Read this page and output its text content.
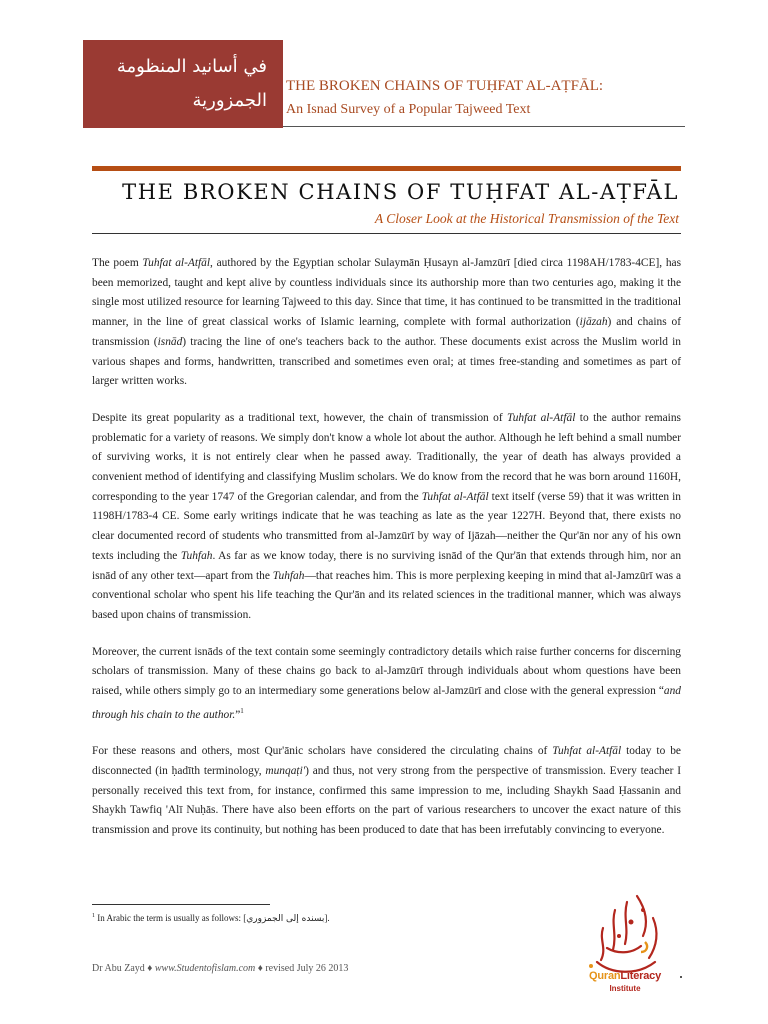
في أسانيد المنظومة
الجمزورية
THE BROKEN CHAINS OF TUḤFAT AL-AṬFĀL:
An Isnad Survey of a Popular Tajweed Text
THE BROKEN CHAINS OF TUḤFAT AL-AṬFĀL
A Closer Look at the Historical Transmission of the Text

The poem Tuhfat al-Atfāl, authored by the Egyptian scholar Sulaymān Ḥusayn al-Jamzūrī [died circa 1198AH/1783-4CE], has been memorized, taught and kept alive by countless individuals since its authorship more than two centuries ago, making it the single most utilized resource for learning Tajweed to this day. Since that time, it has continued to be transmitted in the traditional manner, in the line of great classical works of Islamic learning, complete with formal authorization (ijāzah) and chains of transmission (isnād) tracing the line of one's teachers back to the author. These documents exist across the Muslim world in various shapes and forms, handwritten, transcribed and sometimes even oral; at times free-standing and sometimes as part of larger written works.

Despite its great popularity as a traditional text, however, the chain of transmission of Tuhfat al-Atfāl to the author remains problematic for a variety of reasons. We simply don't know a whole lot about the author. Although he left behind a small number of surviving works, it is not entirely clear when he passed away. Traditionally, the year of death has always provided a convenient method of identifying and classifying Muslim scholars. We do know from the record that he was born around 1160H, corresponding to the year 1747 of the Gregorian calendar, and from the Tuhfat al-Atfāl text itself (verse 59) that it was written in 1198H/1783-4 CE. Some early writings indicate that he was teaching as late as the year 1227H. Beyond that, there exists no clear documented record of students who transmitted from al-Jamzūrī by way of Ijāzah—neither the Qur'ān nor any of his own texts including the Tuhfah. As far as we know today, there is no surviving isnād of the Qur'ān that extends through him, nor an isnād of any other text—apart from the Tuhfah—that reaches him. This is more perplexing keeping in mind that al-Jamzūrī was a conventional scholar who spent his life teaching the Qur'ān and its related sciences in the traditional manner, which was always based upon chains of transmission.

Moreover, the current isnāds of the text contain some seemingly contradictory details which raise further concerns for discerning scholars of transmission. Many of these chains go back to al-Jamzūrī through individuals about whom questions have been raised, while others simply go to an intermediary some generations below al-Jamzūrī and close with the general expression “and through his chain to the author.”$^1$

For these reasons and others, most Qur'ānic scholars have considered the circulating chains of Tuhfat al-Atfāl today to be disconnected (in ḥadīth terminology, munqaṭi') and thus, not very strong from the perspective of transmission. Every teacher I personally received this text from, for instance, confirmed this same impression to me, including Shaykh Saad Ḥassanin and Shaykh Tawfiq 'Alī Nuḥās. There have also been efforts on the part of various researchers to uncover the exact nature of this transmission and prove its continuity, but nothing has been produced to date that has been irrefutably convincing to everyone.

$^1$ In Arabic the term is usually as follows: [بسنده إلى الجمزوري].
Dr Abu Zayd ♦ www.Studentofislam.com ♦ revised July 26 2013
QuranLiteracy
Institute
